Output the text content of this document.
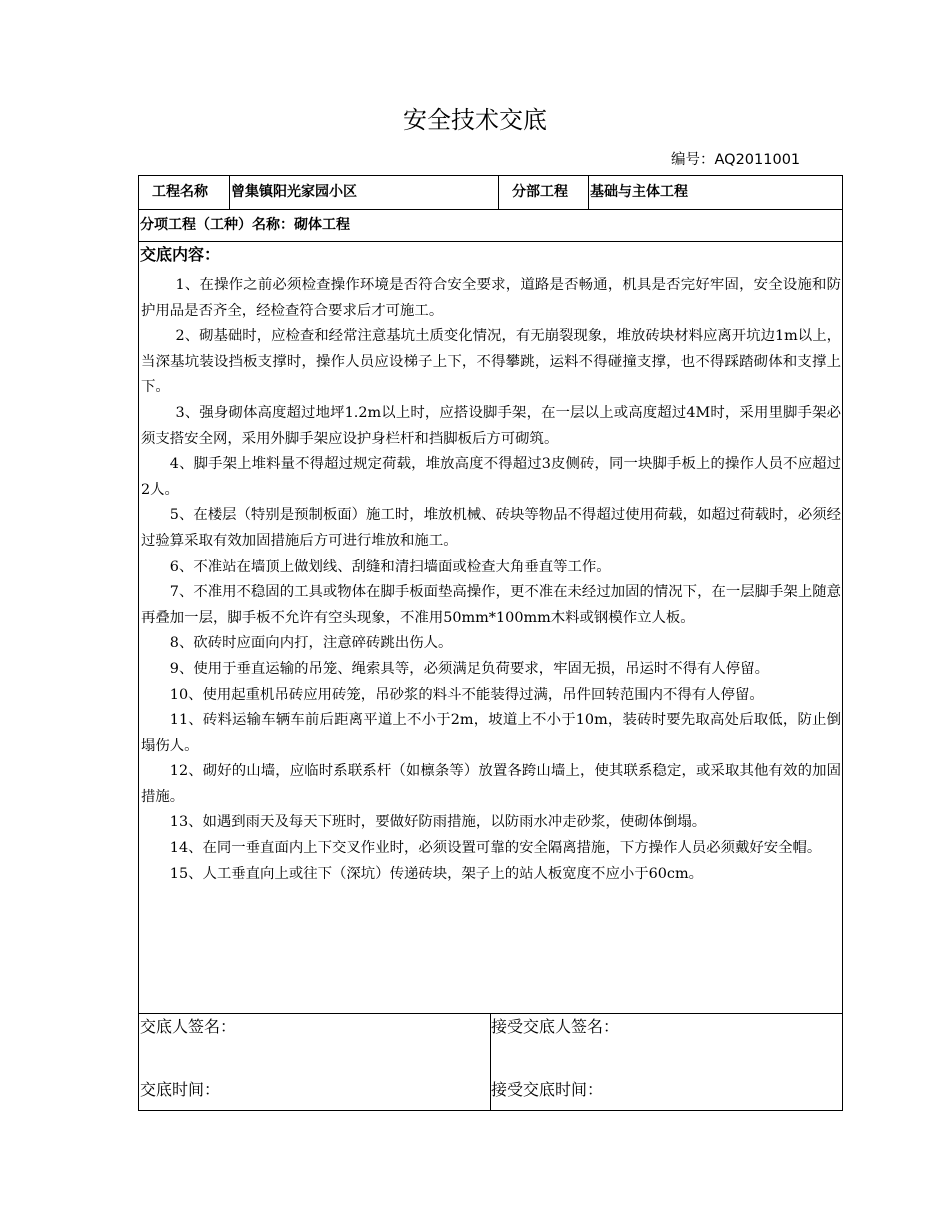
安全技术交底
编号：AQ2011001
工程名称 曾集镇阳光家园小区	分部工程 基础与主体工程
分项工程（工种）名称：砌体工程
交底内容：

1、在操作之前必须检查操作环境是否符合安全要求，道路是否畅通，机具是否完好牢固，安全设施和防护用品是否齐全，经检查符合要求后才可施工。

2、砌基础时，应检查和经常注意基坑土质变化情况，有无崩裂现象，堆放砖块材料应离开坑边1m以上，当深基坑装设挡板支撑时，操作人员应设梯子上下，不得攀跳，运料不得碰撞支撑，也不得踩踏砌体和支撑上下。

3、强身砌体高度超过地坪1.2m以上时，应搭设脚手架，在一层以上或高度超过4M时，采用里脚手架必须支搭安全网，采用外脚手架应设护身栏杆和挡脚板后方可砌筑。

4、脚手架上堆料量不得超过规定荷载，堆放高度不得超过3皮侧砖，同一块脚手板上的操作人员不应超过2人。

5、在楼层（特别是预制板面）施工时，堆放机械、砖块等物品不得超过使用荷载，如超过荷载时，必须经过验算采取有效加固措施后方可进行堆放和施工。

6、不准站在墙顶上做划线、刮缝和清扫墙面或检查大角垂直等工作。

7、不准用不稳固的工具或物体在脚手板面垫高操作，更不准在未经过加固的情况下，在一层脚手架上随意再叠加一层，脚手板不允许有空头现象，不准用50mm*100mm木料或钢模作立人板。

8、砍砖时应面向内打，注意碎砖跳出伤人。

9、使用于垂直运输的吊笼、绳索具等，必须满足负荷要求，牢固无损，吊运时不得有人停留。

10、使用起重机吊砖应用砖笼，吊砂浆的料斗不能装得过满，吊件回转范围内不得有人停留。

11、砖料运输车辆车前后距离平道上不小于2m，坡道上不小于10m，装砖时要先取高处后取低，防止倒塌伤人。

12、砌好的山墙，应临时系联系杆（如檩条等）放置各跨山墙上，使其联系稳定，或采取其他有效的加固措施。

13、如遇到雨天及每天下班时，要做好防雨措施，以防雨水冲走砂浆，使砌体倒塌。

14、在同一垂直面内上下交叉作业时，必须设置可靠的安全隔离措施，下方操作人员必须戴好安全帽。

15、人工垂直向上或往下（深坑）传递砖块，架子上的站人板宽度不应小于60cm。

交底人签名：	接受交底人签名：
交底时间：	接受交底时间：
